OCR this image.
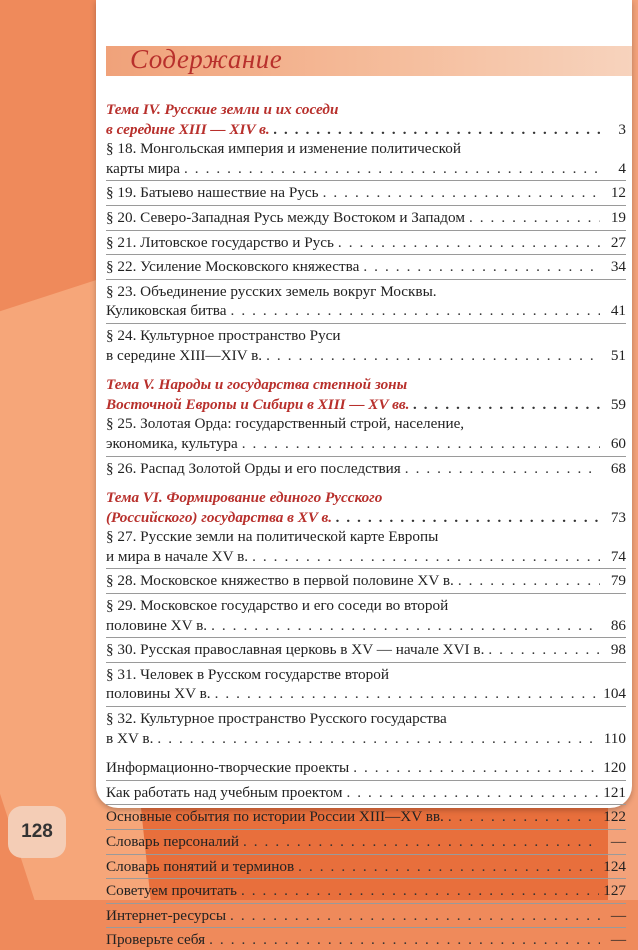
Содержание
Тема IV. Русские земли и их соседи
в середине XIII — XIV в. . . .	3
§ 18. Монгольская империя и изменение политической
карты мира . . .	4
§ 19. Батыево нашествие на Русь . . .	12
§ 20. Северо-Западная Русь между Востоком и Западом . . .	19
§ 21. Литовское государство и Русь . . .	27
§ 22. Усиление Московского княжества . . .	34
§ 23. Объединение русских земель вокруг Москвы.
Куликовская битва . . .	41
§ 24. Культурное пространство Руси
в середине XIII—XIV в. . . .	51
Тема V. Народы и государства степной зоны
Восточной Европы и Сибири в XIII — XV вв. . . .	59
§ 25. Золотая Орда: государственный строй, население,
экономика, культура . . .	60
§ 26. Распад Золотой Орды и его последствия . . .	68
Тема VI. Формирование единого Русского
(Российского) государства в XV в. . . .	73
§ 27. Русские земли на политической карте Европы
и мира в начале XV в. . . .	74
§ 28. Московское княжество в первой половине XV в. . . .	79
§ 29. Московское государство и его соседи во второй
половине XV в. . . .	86
§ 30. Русская православная церковь в XV — начале XVI в. . . .	98
§ 31. Человек в Русском государстве второй
половины XV в. . . .	104
§ 32. Культурное пространство Русского государства
в XV в. . . .	110
Информационно-творческие проекты . . .	120
Как работать над учебным проектом . . .	121
Основные события по истории России XIII—XV вв. . . .	122
Словарь персоналий . . .	—
Словарь понятий и терминов . . .	124
Советуем прочитать . . .	127
Интернет-ресурсы . . .	—
Проверьте себя . . .	—
128
